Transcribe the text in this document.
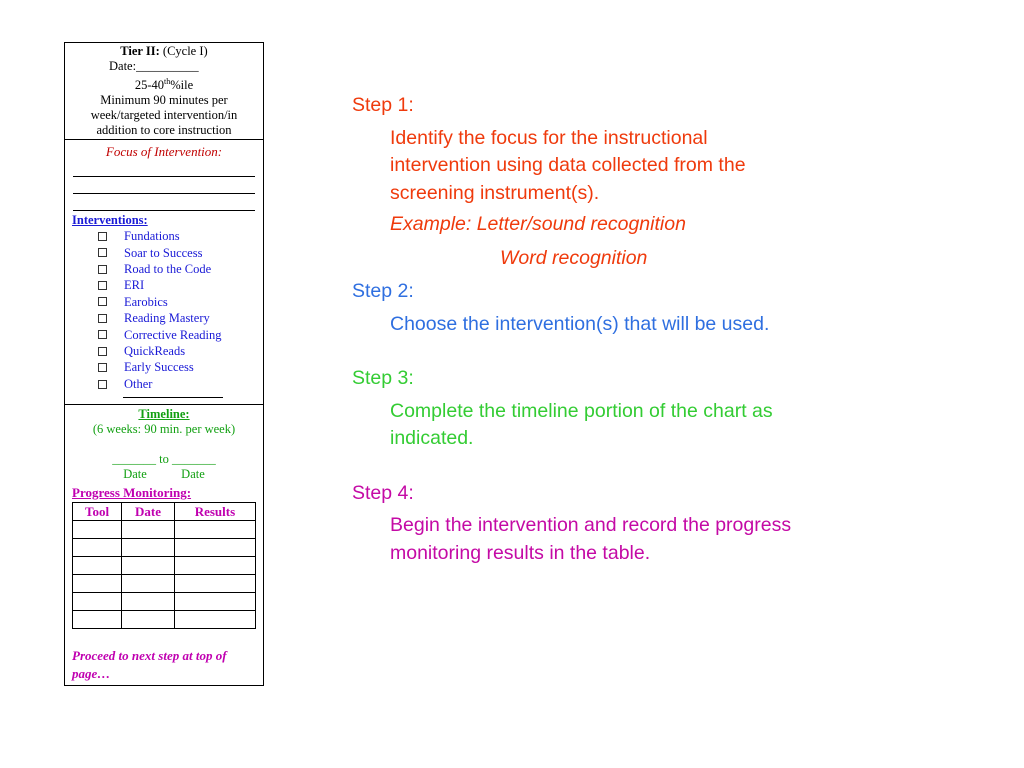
Tier II: (Cycle I)
Date:__________
25-40th%ile
Minimum 90 minutes per week/targeted intervention/in addition to core instruction
Focus of Intervention:
Interventions:
Fundations
Soar to Success
Road to the Code
ERI
Earobics
Reading Mastery
Corrective Reading
QuickReads
Early Success
Other
Timeline:
(6 weeks: 90 min. per week)
_______ to _______
Date           Date
Progress Monitoring:
Tool	Date	Results

Proceed to next step at top of page…
Step 1:
Identify the focus for the instructional intervention using data collected from the screening instrument(s).
Example: Letter/sound recognition
Word recognition
Step 2:
Choose the intervention(s) that will be used.
Step 3:
Complete the timeline portion of the chart as indicated.
Step 4:
Begin the intervention and record the progress monitoring results in the table.
